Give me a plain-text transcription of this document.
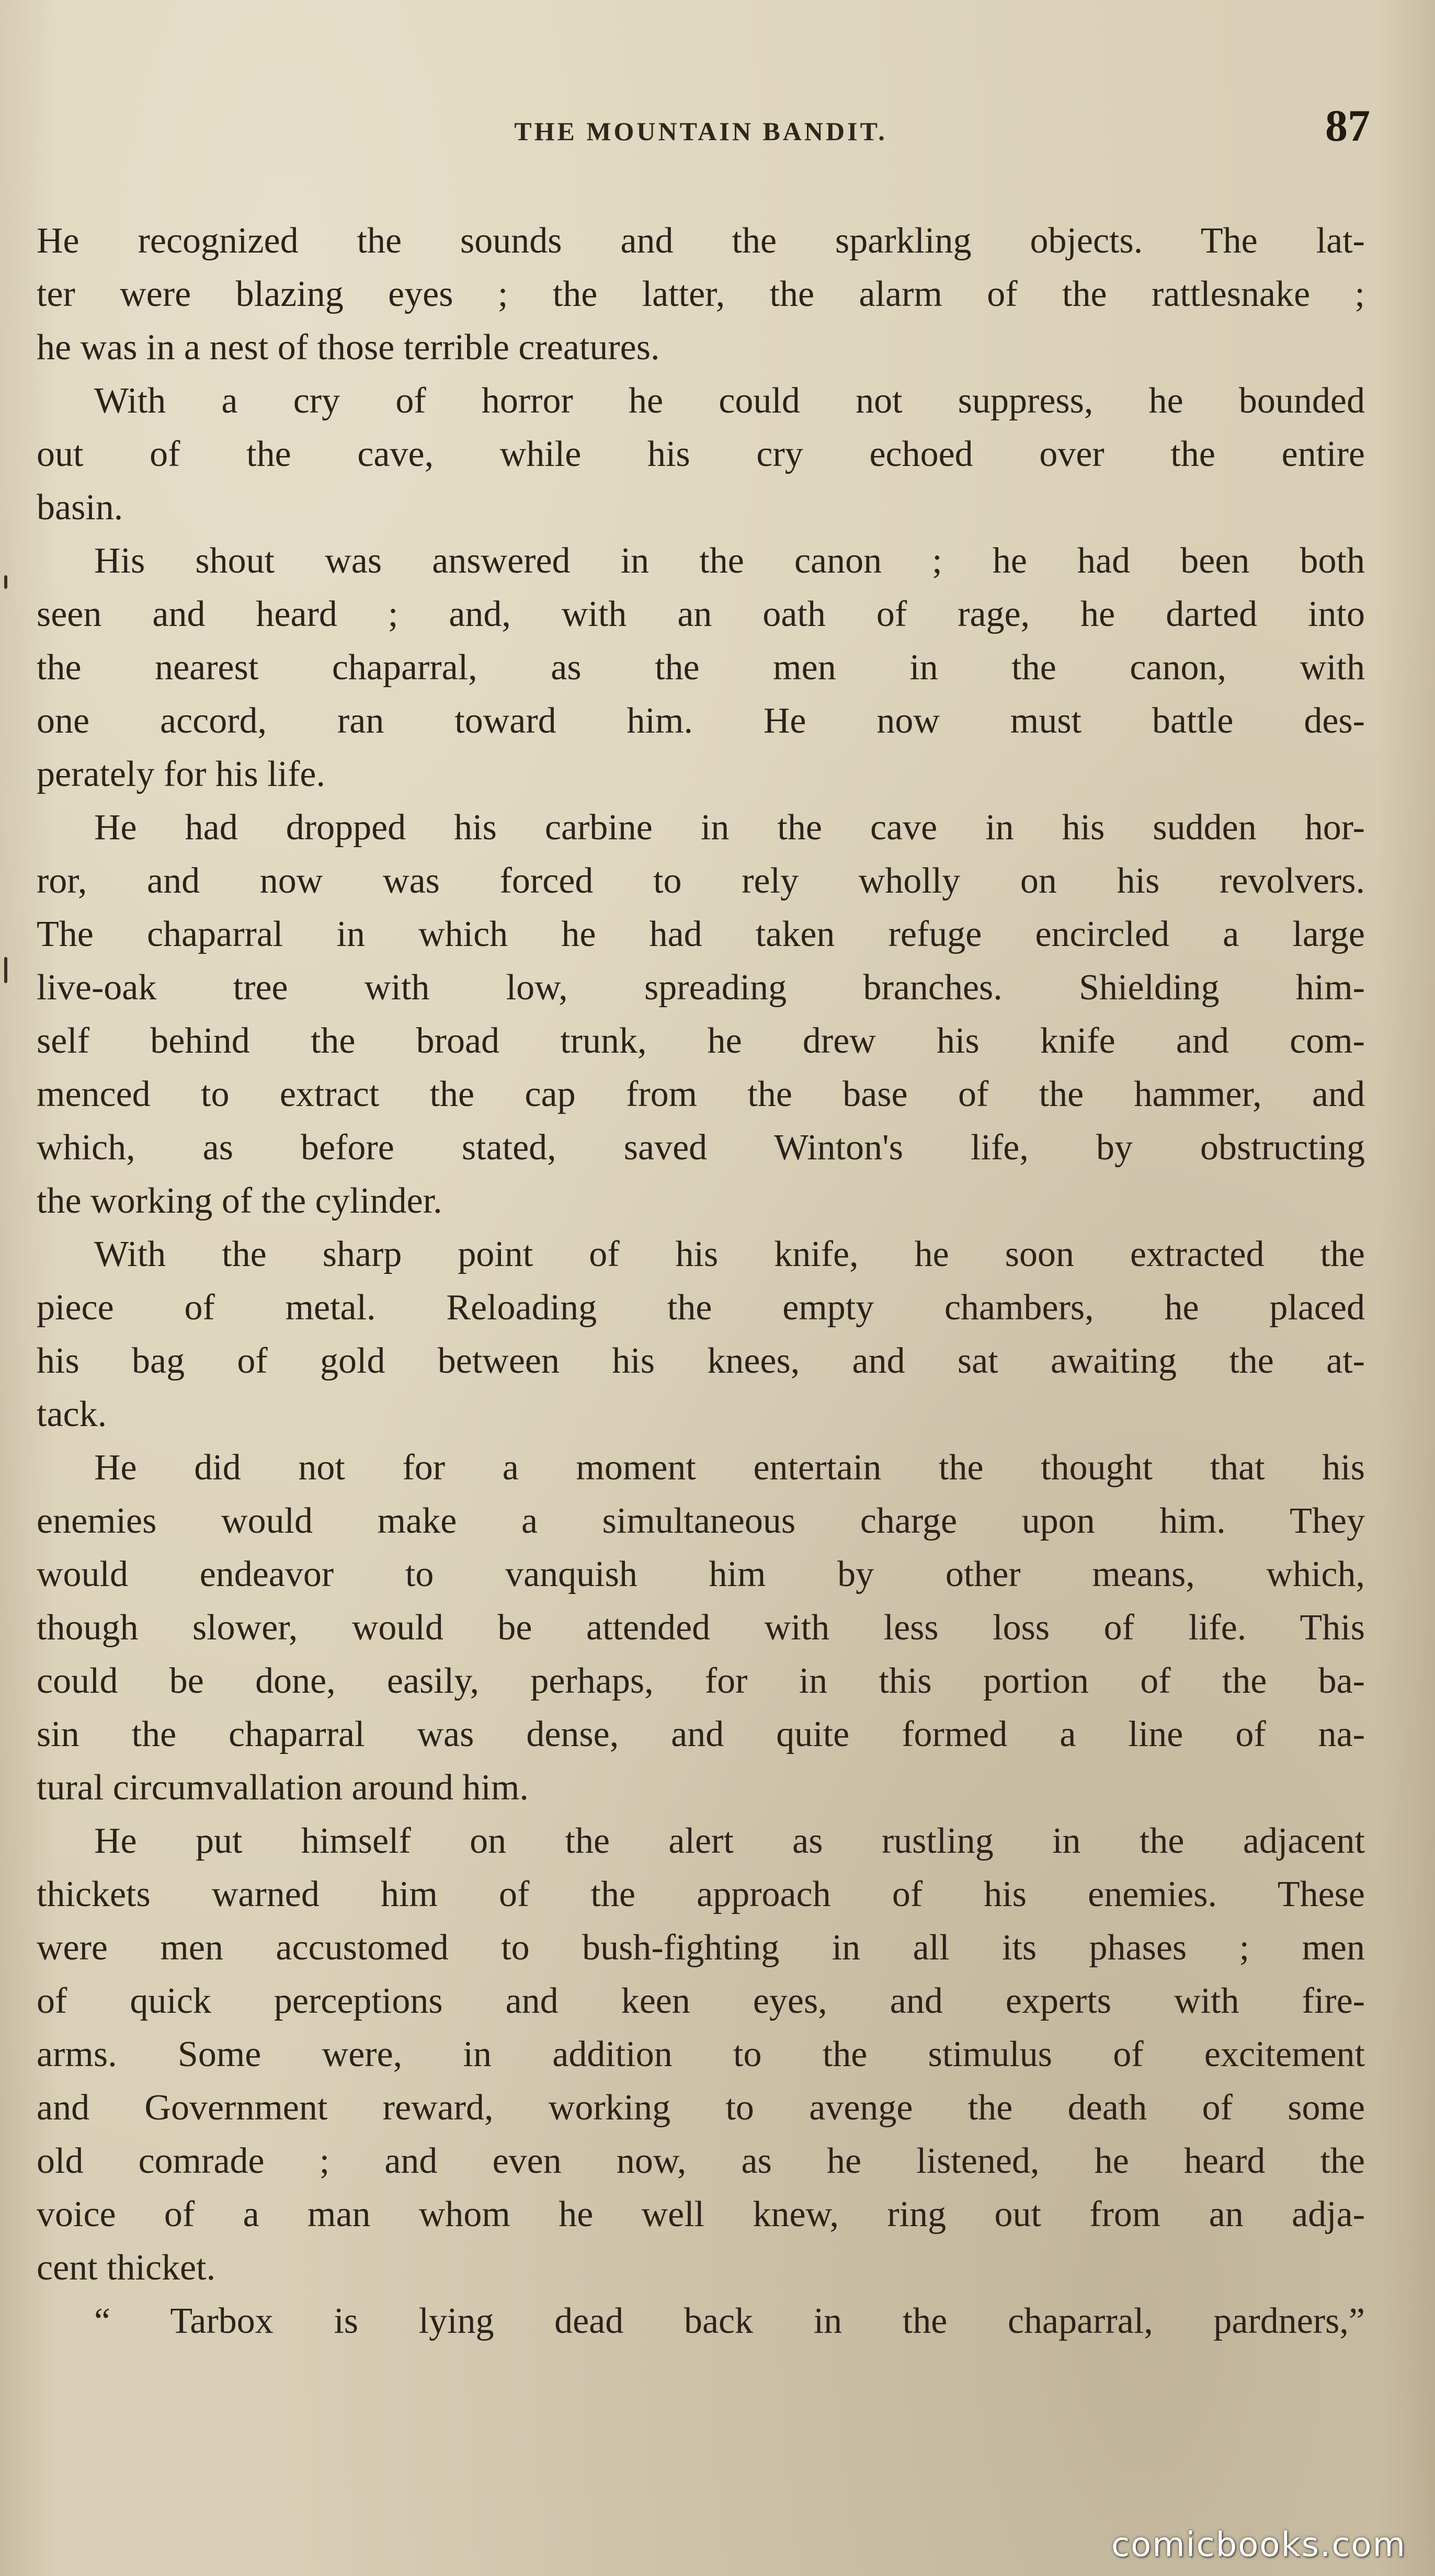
THE MOUNTAIN BANDIT.	87
He recognized the sounds and the sparkling objects. The lat-
ter were blazing eyes ; the latter, the alarm of the rattlesnake ;
he was in a nest of those terrible creatures.
With a cry of horror he could not suppress, he bounded
out of the cave, while his cry echoed over the entire
basin.
His shout was answered in the canon ; he had been both
seen and heard ; and, with an oath of rage, he darted into
the nearest chaparral, as the men in the canon, with
one accord, ran toward him. He now must battle des-
perately for his life.
He had dropped his carbine in the cave in his sudden hor-
ror, and now was forced to rely wholly on his revolvers.
The chaparral in which he had taken refuge encircled a large
live-oak tree with low, spreading branches. Shielding him-
self behind the broad trunk, he drew his knife and com-
menced to extract the cap from the base of the hammer, and
which, as before stated, saved Winton's life, by obstructing
the working of the cylinder.
With the sharp point of his knife, he soon extracted the
piece of metal. Reloading the empty chambers, he placed
his bag of gold between his knees, and sat awaiting the at-
tack.
He did not for a moment entertain the thought that his
enemies would make a simultaneous charge upon him. They
would endeavor to vanquish him by other means, which,
though slower, would be attended with less loss of life. This
could be done, easily, perhaps, for in this portion of the ba-
sin the chaparral was dense, and quite formed a line of na-
tural circumvallation around him.
He put himself on the alert as rustling in the adjacent
thickets warned him of the approach of his enemies. These
were men accustomed to bush-fighting in all its phases ; men
of quick perceptions and keen eyes, and experts with fire-
arms. Some were, in addition to the stimulus of excitement
and Government reward, working to avenge the death of some
old comrade ; and even now, as he listened, he heard the
voice of a man whom he well knew, ring out from an adja-
cent thicket.
“ Tarbox is lying dead back in the chaparral, pardners,”
comicbooks.com
